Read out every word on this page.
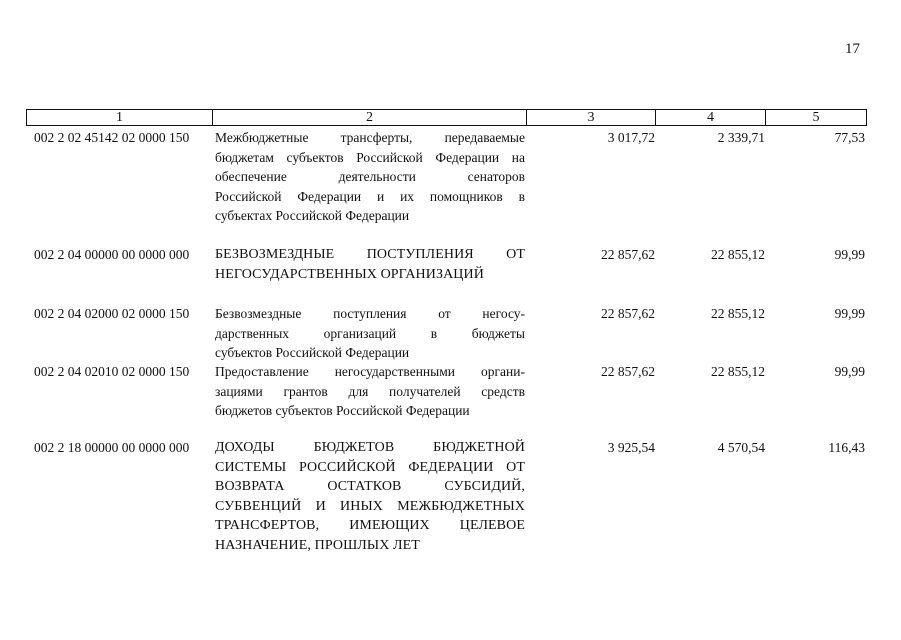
17
1	2	3	4	5
002 2 02 45142 02 0000 150 Межбюджетные трансферты, передаваемые
бюджетам субъектов Российской Федерации на
обеспечение деятельности сенаторов
Российской Федерации и их помощников в
субъектах Российской Федерации
3 017,72	2 339,71	77,53
002 2 04 00000 00 0000 000 БЕЗВОЗМЕЗДНЫЕ ПОСТУПЛЕНИЯ ОТ
НЕГОСУДАРСТВЕННЫХ ОРГАНИЗАЦИЙ
22 857,62	22 855,12	99,99
002 2 04 02000 02 0000 150 Безвозмездные поступления от негосу-
дарственных организаций в бюджеты
субъектов Российской Федерации
22 857,62	22 855,12	99,99
002 2 04 02010 02 0000 150 Предоставление негосударственными органи-
зациями грантов для получателей средств
бюджетов субъектов Российской Федерации
22 857,62	22 855,12	99,99
002 2 18 00000 00 0000 000 ДОХОДЫ БЮДЖЕТОВ БЮДЖЕТНОЙ
СИСТЕМЫ РОССИЙСКОЙ ФЕДЕРАЦИИ ОТ
ВОЗВРАТА ОСТАТКОВ СУБСИДИЙ,
СУБВЕНЦИЙ И ИНЫХ МЕЖБЮДЖЕТНЫХ
ТРАНСФЕРТОВ, ИМЕЮЩИХ ЦЕЛЕВОЕ
НАЗНАЧЕНИЕ, ПРОШЛЫХ ЛЕТ
3 925,54	4 570,54	116,43
